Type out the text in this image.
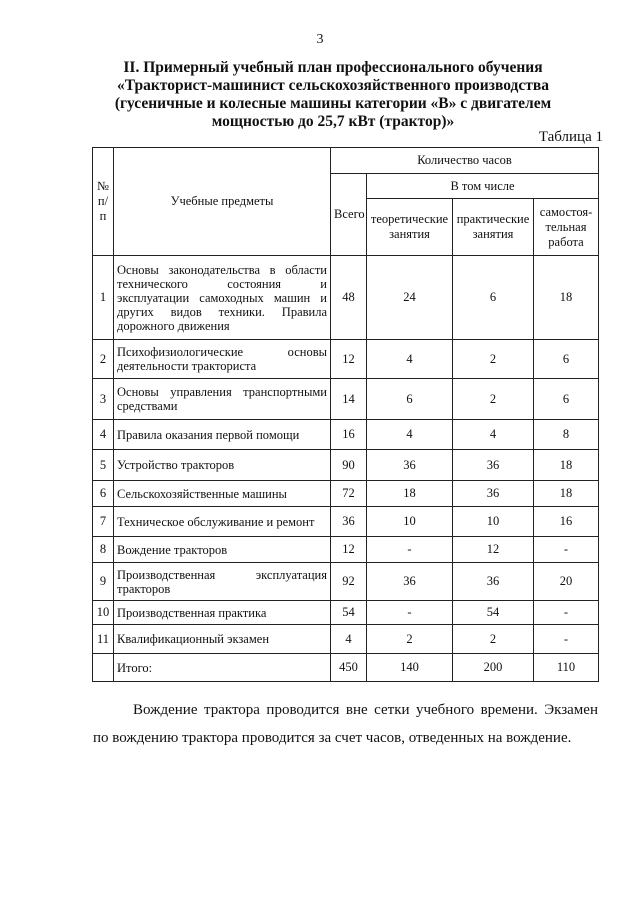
3
II. Примерный учебный план профессионального обучения
«Тракторист-машинист сельскохозяйственного производства
(гусеничные и колесные машины категории «В» с двигателем
мощностью до 25,7 кВт (трактор)»
Таблица 1
№ п/п	Учебные предметы	Количество часов			
		Всего	В том числе		
			теоретические занятия	практические занятия	самостоя-тельная работа
1	Основы законодательства в области технического состояния и эксплуатации самоходных машин и других видов техники. Правила дорожного движения	48	24	6	18
2	Психофизиологические основы деятельности тракториста	12	4	2	6
3	Основы управления транспортными средствами	14	6	2	6
4	Правила оказания первой помощи	16	4	4	8
5	Устройство тракторов	90	36	36	18
6	Сельскохозяйственные машины	72	18	36	18
7	Техническое обслуживание и ремонт	36	10	10	16
8	Вождение тракторов	12	-	12	-
9	Производственная эксплуатация тракторов	92	36	36	20
10	Производственная практика	54	-	54	-
11	Квалификационный экзамен	4	2	2	-
	Итого:	450	140	200	110
Вождение трактора проводится вне сетки учебного времени. Экзамен по вождению трактора проводится за счет часов, отведенных на вождение.
